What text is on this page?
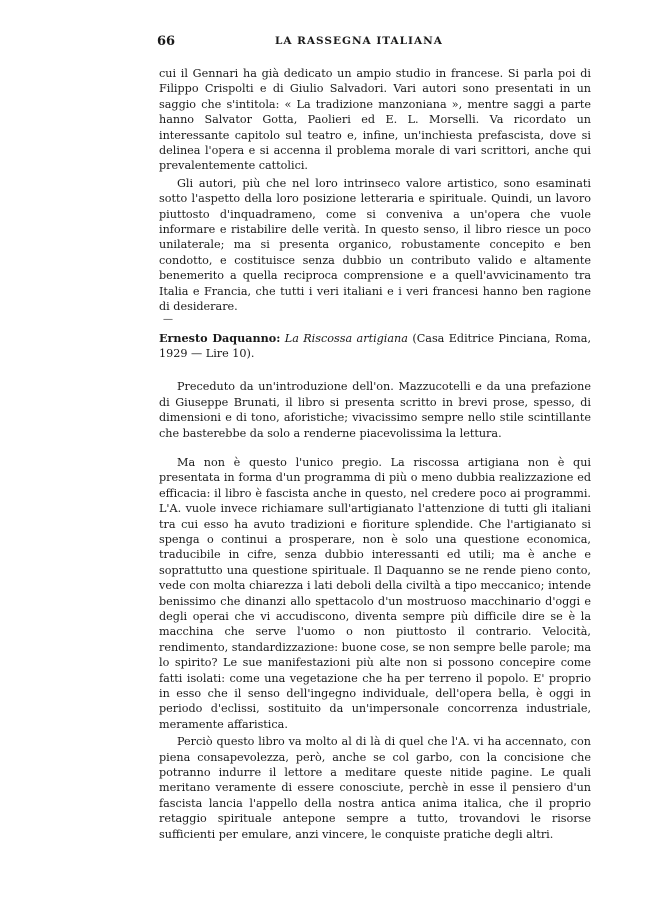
66	LA RASSEGNA ITALIANA

cui il Gennari ha già dedicato un ampio studio in francese. Si parla poi di Filippo Crispolti e di Giulio Salvadori. Vari autori sono presentati in un saggio che s'intitola: « La tradizione manzoniana », mentre saggi a parte hanno Salvator Gotta, Paolieri ed E. L. Morselli. Va ricordato un interessante capitolo sul teatro e, infine, un'inchiesta prefascista, dove si delinea l'opera e si accenna il problema morale di vari scrittori, anche qui prevalentemente cattolici.

Gli autori, più che nel loro intrinseco valore artistico, sono esaminati sotto l'aspetto della loro posizione letteraria e spirituale. Quindi, un lavoro piuttosto d'inquadrameno, come si conveniva a un'opera che vuole informare e ristabilire delle verità. In questo senso, il libro riesce un poco unilaterale; ma si presenta organico, robustamente concepito e ben condotto, e costituisce senza dubbio un contributo valido e altamente benemerito a quella reciproca comprensione e a quell'avvicinamento tra Italia e Francia, che tutti i veri italiani e i veri francesi hanno ben ragione di desiderare.

—
Ernesto Daquanno: La Riscossa artigiana (Casa Editrice Pinciana, Roma, 1929 — Lire 10).

Preceduto da un'introduzione dell'on. Mazzucotelli e da una prefazione di Giuseppe Brunati, il libro si presenta scritto in brevi prose, spesso, di dimensioni e di tono, aforistiche; vivacissimo sempre nello stile scintillante che basterebbe da solo a renderne piacevolissima la lettura.

Ma non è questo l'unico pregio. La riscossa artigiana non è qui presentata in forma d'un programma di più o meno dubbia realizzazione ed efficacia: il libro è fascista anche in questo, nel credere poco ai programmi. L'A. vuole invece richiamare sull'artigianato l'attenzione di tutti gli italiani tra cui esso ha avuto tradizioni e fioriture splendide. Che l'artigianato si spenga o continui a prosperare, non è solo una questione economica, traducibile in cifre, senza dubbio interessanti ed utili; ma è anche e soprattutto una questione spirituale. Il Daquanno se ne rende pieno conto, vede con molta chiarezza i lati deboli della civiltà a tipo meccanico; intende benissimo che dinanzi allo spettacolo d'un mostruoso macchinario d'oggi e degli operai che vi accudiscono, diventa sempre più difficile dire se è la macchina che serve l'uomo o non piuttosto il contrario. Velocità, rendimento, standardizzazione: buone cose, se non sempre belle parole; ma lo spirito? Le sue manifestazioni più alte non si possono concepire come fatti isolati: come una vegetazione che ha per terreno il popolo. E' proprio in esso che il senso dell'ingegno individuale, dell'opera bella, è oggi in periodo d'eclissi, sostituito da un'impersonale concorrenza industriale, meramente affaristica.

Perciò questo libro va molto al di là di quel che l'A. vi ha accennato, con piena consapevolezza, però, anche se col garbo, con la concisione che potranno indurre il lettore a meditare queste nitide pagine. Le quali meritano veramente di essere conosciute, perchè in esse il pensiero d'un fascista lancia l'appello della nostra antica anima italica, che il proprio retaggio spirituale antepone sempre a tutto, trovandovi le risorse sufficienti per emulare, anzi vincere, le conquiste pratiche degli altri.
